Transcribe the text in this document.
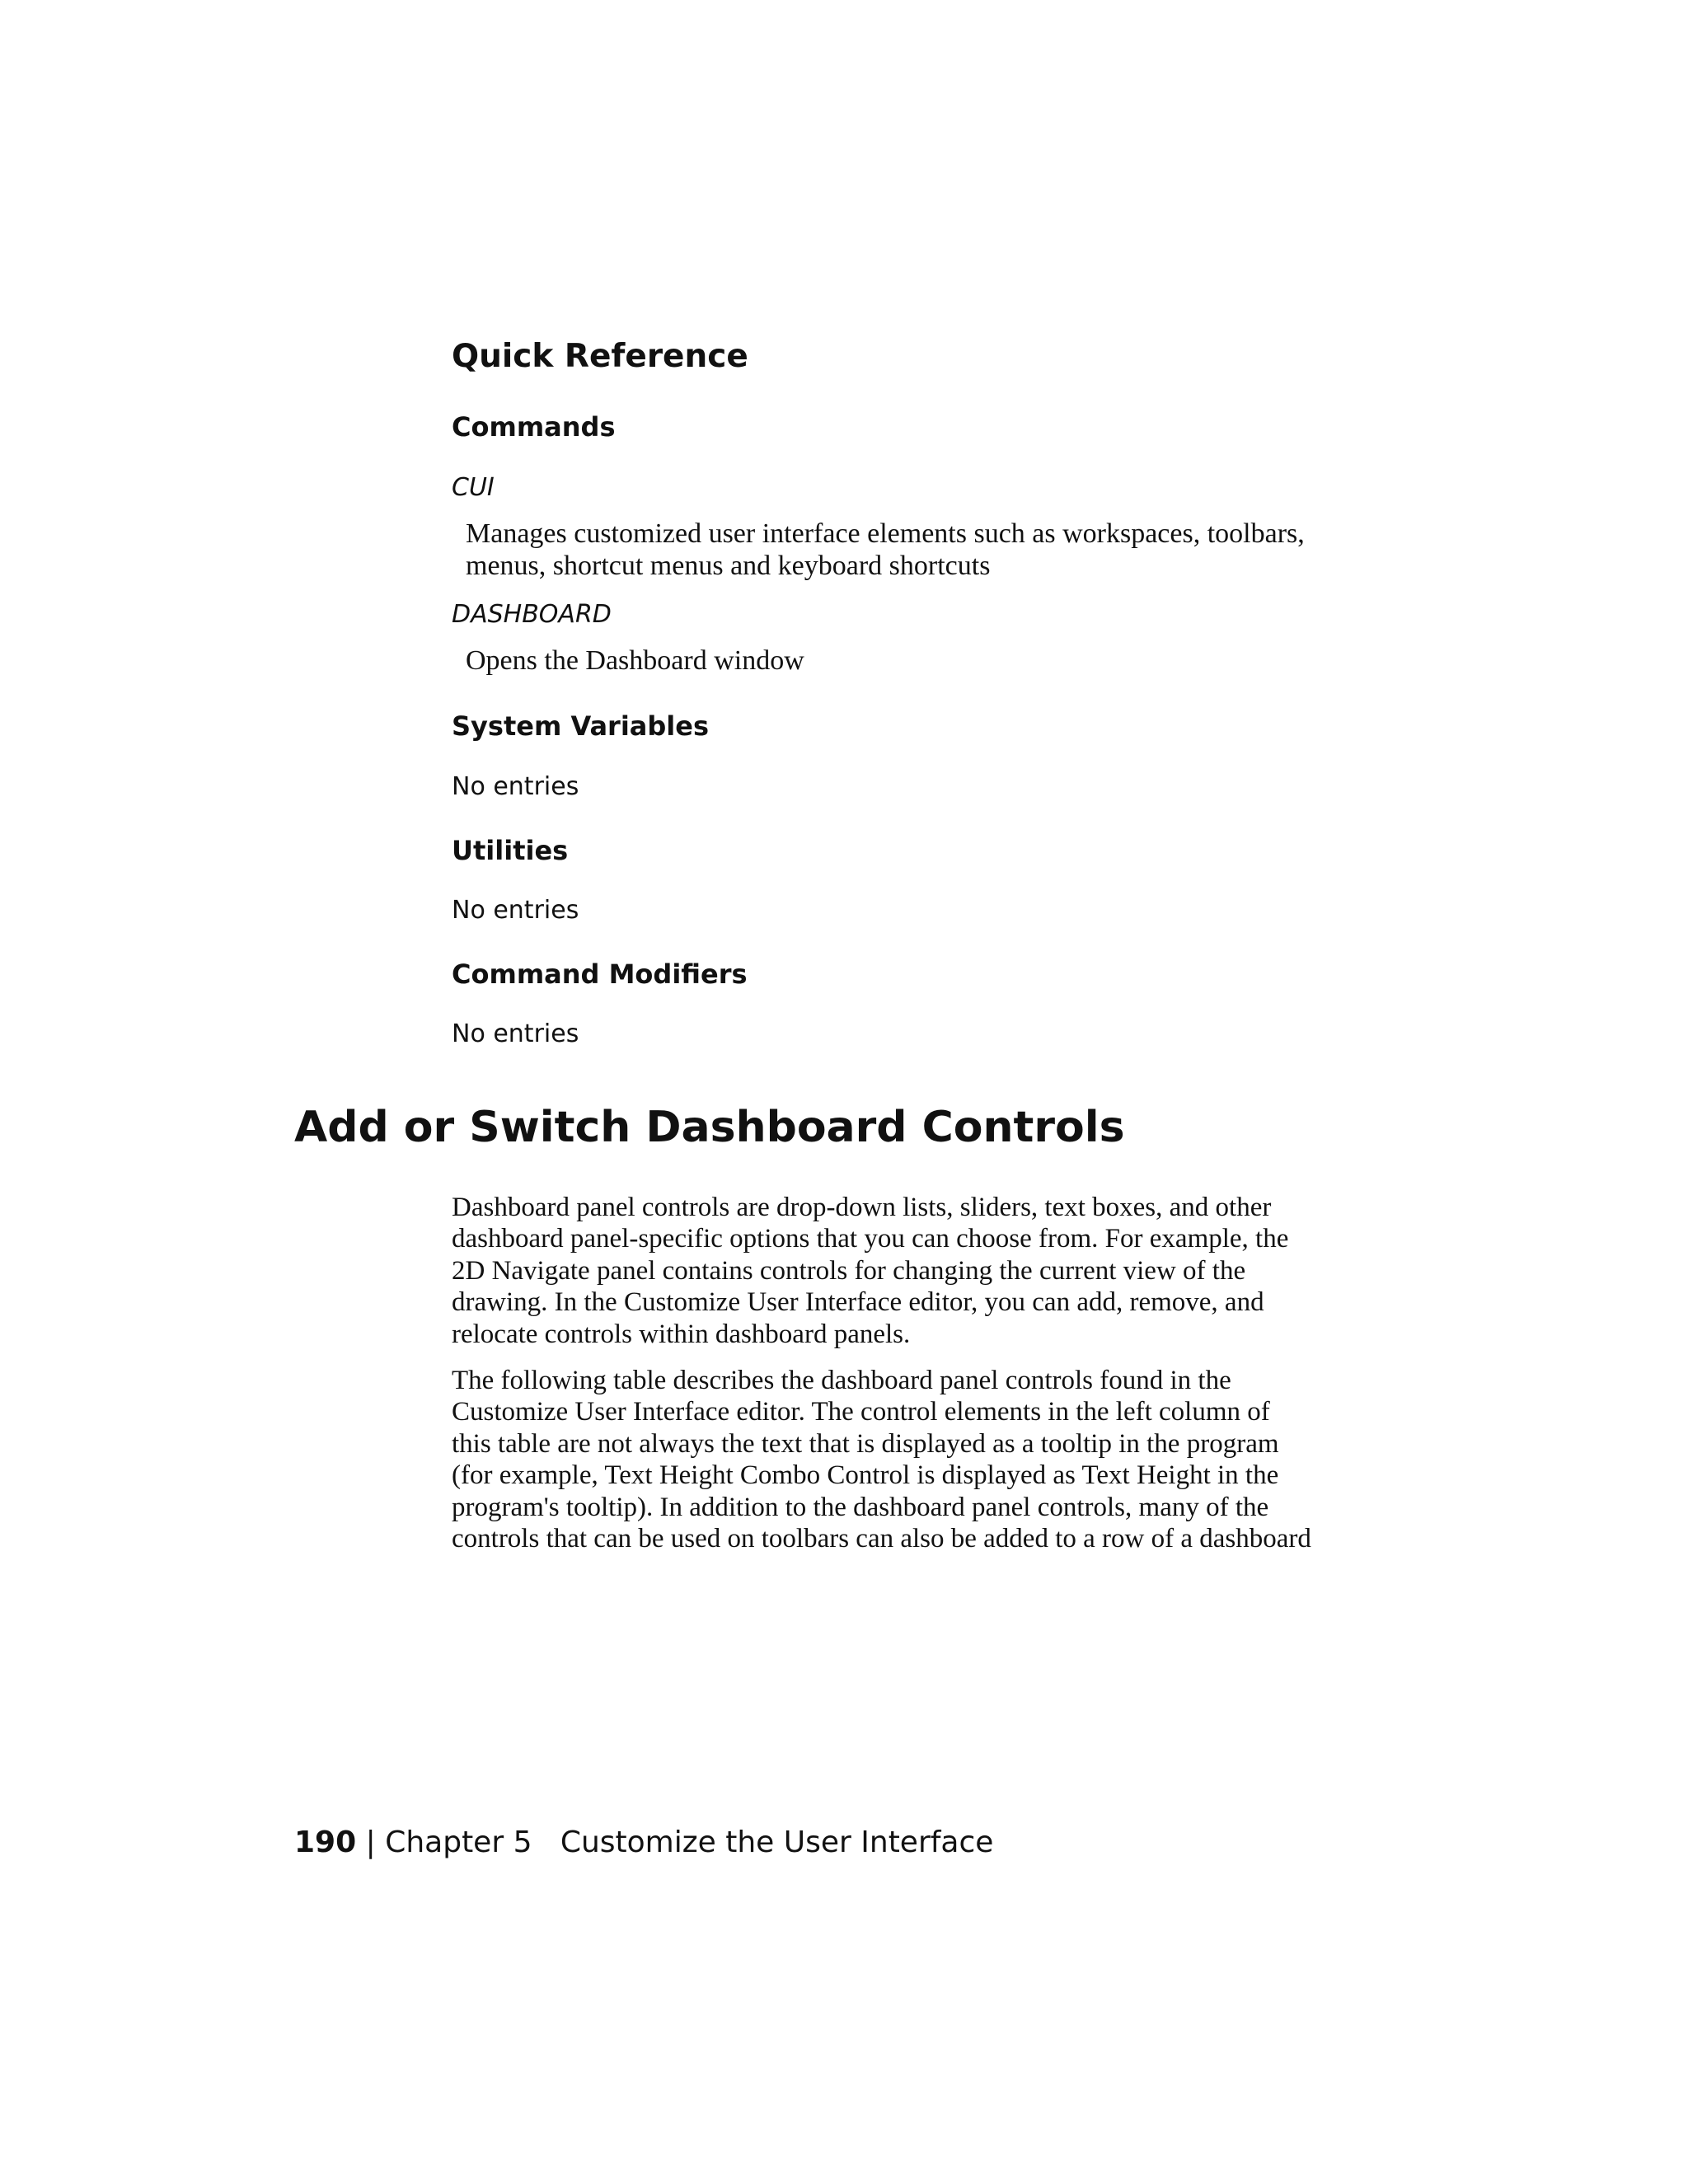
Quick Reference
Commands
CUI
Manages customized user interface elements such as workspaces, toolbars,
menus, shortcut menus and keyboard shortcuts
DASHBOARD
Opens the Dashboard window
System Variables
No entries
Utilities
No entries
Command Modifiers
No entries
Add or Switch Dashboard Controls
Dashboard panel controls are drop-down lists, sliders, text boxes, and other
dashboard panel-specific options that you can choose from. For example, the
2D Navigate panel contains controls for changing the current view of the
drawing. In the Customize User Interface editor, you can add, remove, and
relocate controls within dashboard panels.
The following table describes the dashboard panel controls found in the
Customize User Interface editor. The control elements in the left column of
this table are not always the text that is displayed as a tooltip in the program
(for example, Text Height Combo Control is displayed as Text Height in the
program's tooltip). In addition to the dashboard panel controls, many of the
controls that can be used on toolbars can also be added to a row of a dashboard
190 | Chapter 5 Customize the User Interface
